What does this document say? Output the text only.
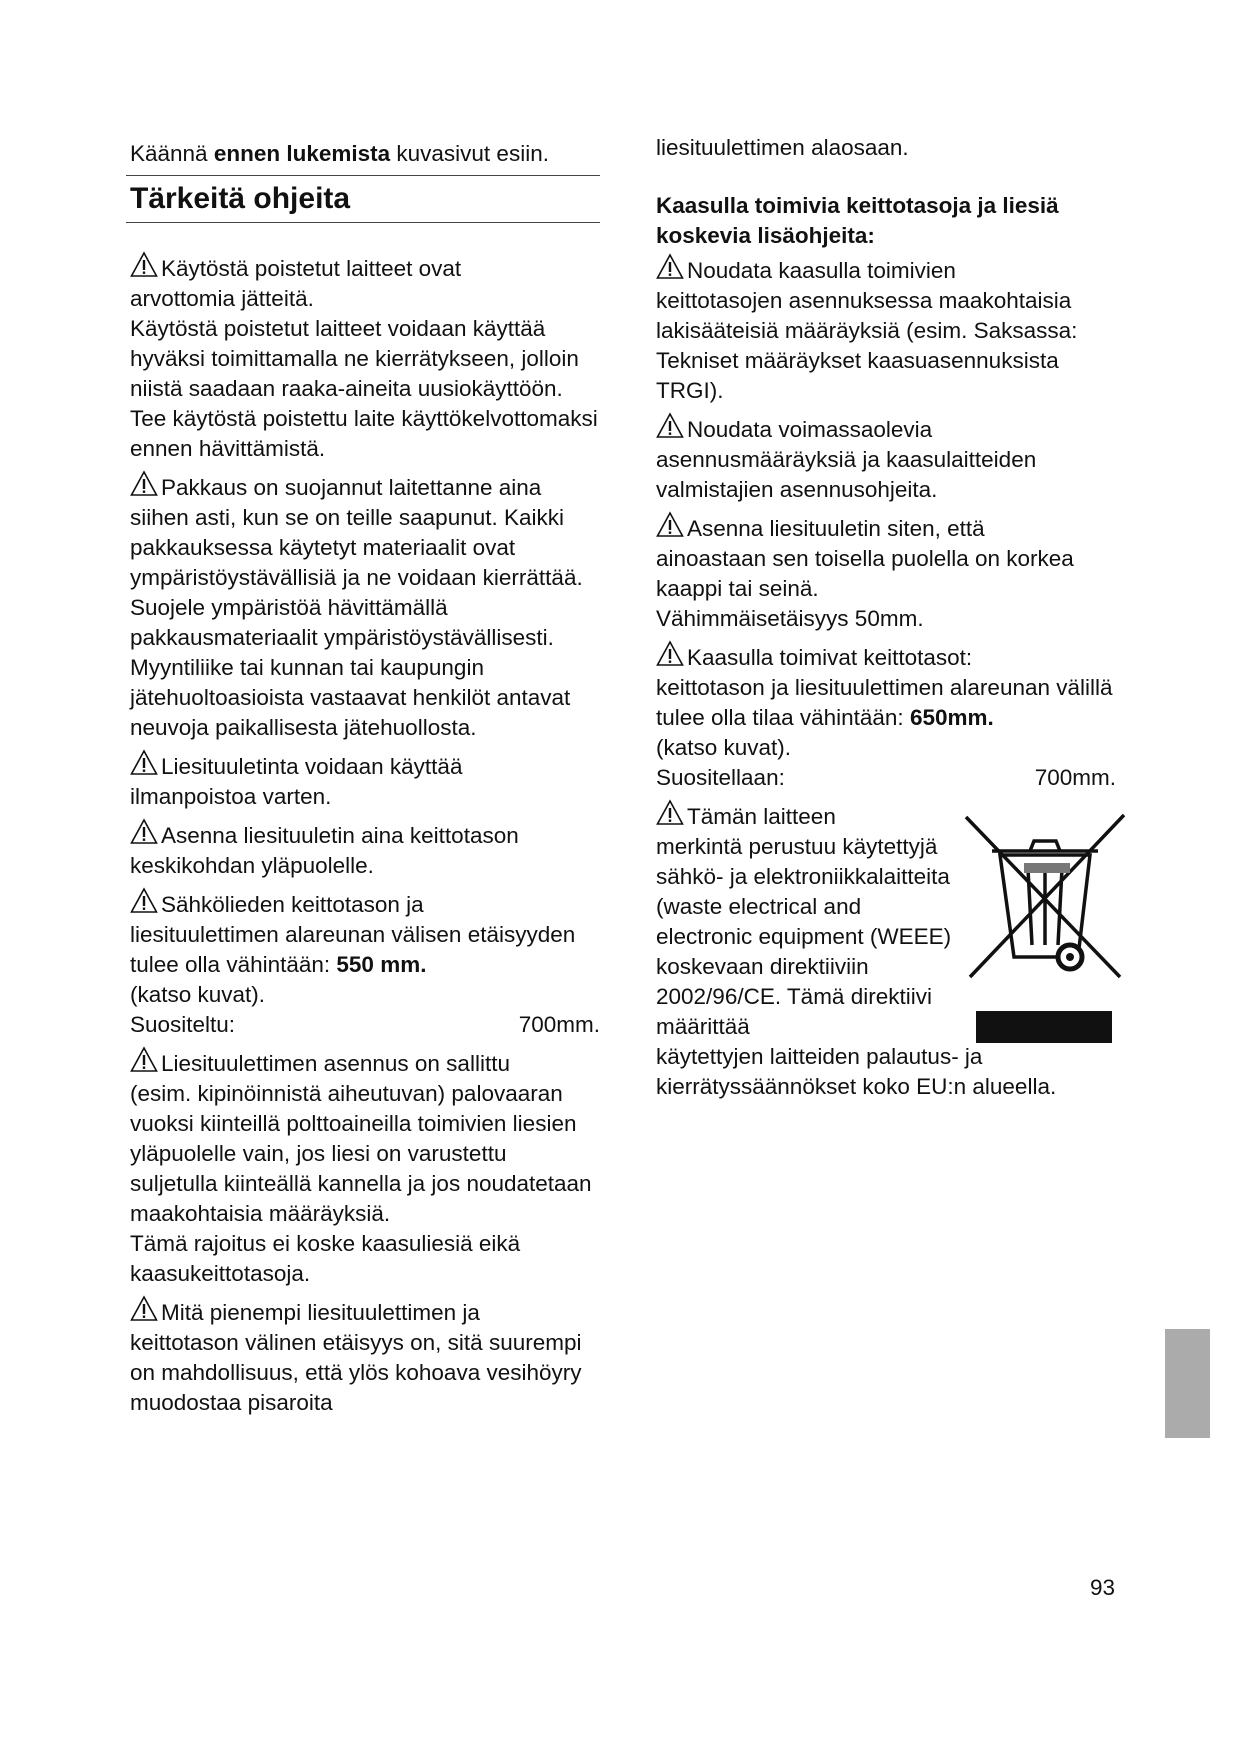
Käännä ennen lukemista kuvasivut esiin.

Tärkeitä ohjeita
Käytöstä poistetut laitteet ovat

arvottomia jätteitä.

Käytöstä poistetut laitteet voidaan käyttää hyväksi toimittamalla ne kierrätykseen, jolloin niistä saadaan raaka-aineita uusiokäyttöön.

Tee käytöstä poistettu laite käyttökelvottomaksi ennen hävittämistä.

Pakkaus on suojannut laitettanne aina

siihen asti, kun se on teille saapunut. Kaikki pakkauksessa käytetyt materiaalit ovat ympäristöystävällisiä ja ne voidaan kierrättää. Suojele ympäristöä hävittämällä pakkausmateriaalit ympäristöystävällisesti. Myyntiliike tai kunnan tai kaupungin jätehuoltoasioista vastaavat henkilöt antavat neuvoja paikallisesta jätehuollosta.

Liesituuletinta voidaan käyttää

ilmanpoistoa varten.

Asenna liesituuletin aina keittotason

keskikohdan yläpuolelle.

Sähkölieden keittotason ja

liesituulettimen alareunan välisen etäisyyden tulee olla vähintään: 550 mm.

(katso kuvat).

Suositeltu:	700mm.
Liesituulettimen asennus on sallittu

(esim. kipinöinnistä aiheutuvan) palovaaran vuoksi kiinteillä polttoaineilla toimivien liesien yläpuolelle vain, jos liesi on varustettu suljetulla kiinteällä kannella ja jos noudatetaan maakohtaisia määräyksiä.

Tämä rajoitus ei koske kaasuliesiä eikä kaasukeittotasoja.

Mitä pienempi liesituulettimen ja

keittotason välinen etäisyys on, sitä suurempi on mahdollisuus, että ylös kohoava vesihöyry muodostaa pisaroita

liesituulettimen alaosaan.

Kaasulla toimivia keittotasoja ja liesiä koskevia lisäohjeita:

Noudata kaasulla toimivien

keittotasojen asennuksessa maakohtaisia lakisääteisiä määräyksiä (esim. Saksassa: Tekniset määräykset kaasuasennuksista TRGI).

Noudata voimassaolevia

asennusmääräyksiä ja kaasulaitteiden valmistajien asennusohjeita.

Asenna liesituuletin siten, että

ainoastaan sen toisella puolella on korkea kaappi tai seinä.

Vähimmäisetäisyys 50mm.

Kaasulla toimivat keittotasot:

keittotason ja liesituulettimen alareunan välillä tulee olla tilaa vähintään: 650mm.

(katso kuvat).

Suositellaan:	700mm.
Tämän laitteen

merkintä perustuu käytettyjä sähkö- ja elektroniikkalaitteita (waste electrical and electronic equipment (WEEE) koskevaan direktiiviin 2002/96/CE. Tämä direktiivi määrittää

käytettyjen laitteiden palautus- ja kierrätyssäännökset koko EU:n alueella.

93
